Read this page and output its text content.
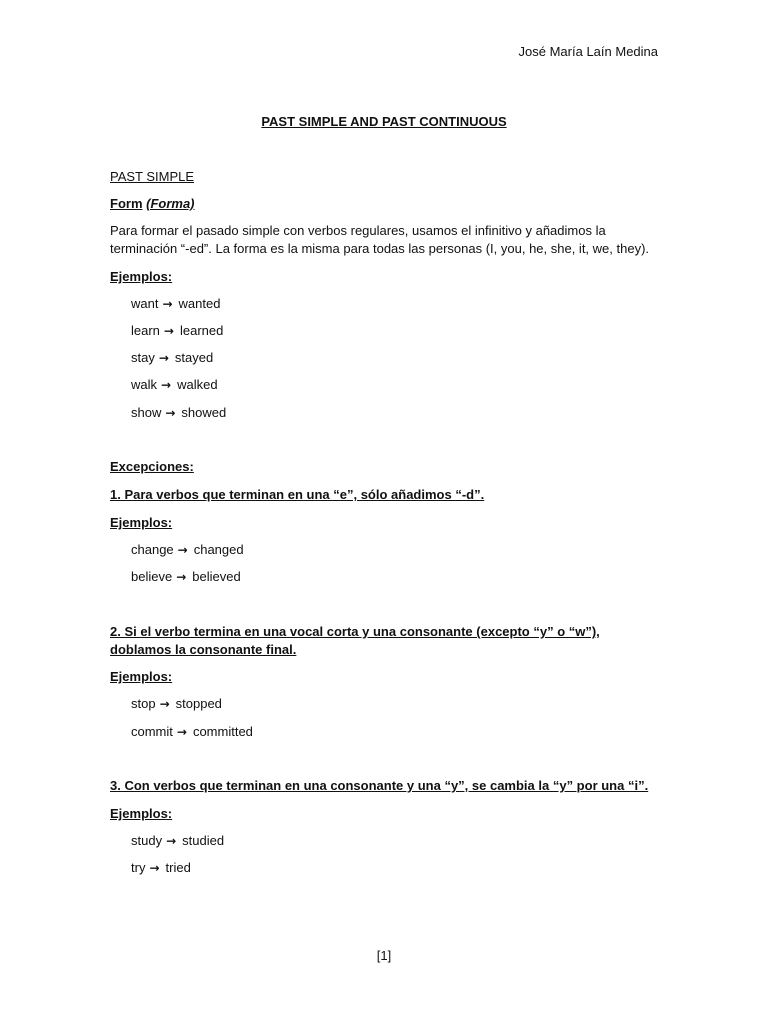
José María Laín Medina
PAST SIMPLE AND PAST CONTINUOUS
PAST SIMPLE
Form (Forma)
Para formar el pasado simple con verbos regulares, usamos el infinitivo y añadimos la terminación “-ed”. La forma es la misma para todas las personas (I, you, he, she, it, we, they).
Ejemplos:
want → wanted
learn → learned
stay → stayed
walk → walked
show → showed
Excepciones:
1. Para verbos que terminan en una “e”, sólo añadimos “-d”.
Ejemplos:
change → changed
believe → believed
2. Si el verbo termina en una vocal corta y una consonante (excepto “y” o “w”), doblamos la consonante final.
Ejemplos:
stop → stopped
commit → committed
3. Con verbos que terminan en una consonante y una “y”, se cambia la “y” por una “i”.
Ejemplos:
study → studied
try → tried
[1]
